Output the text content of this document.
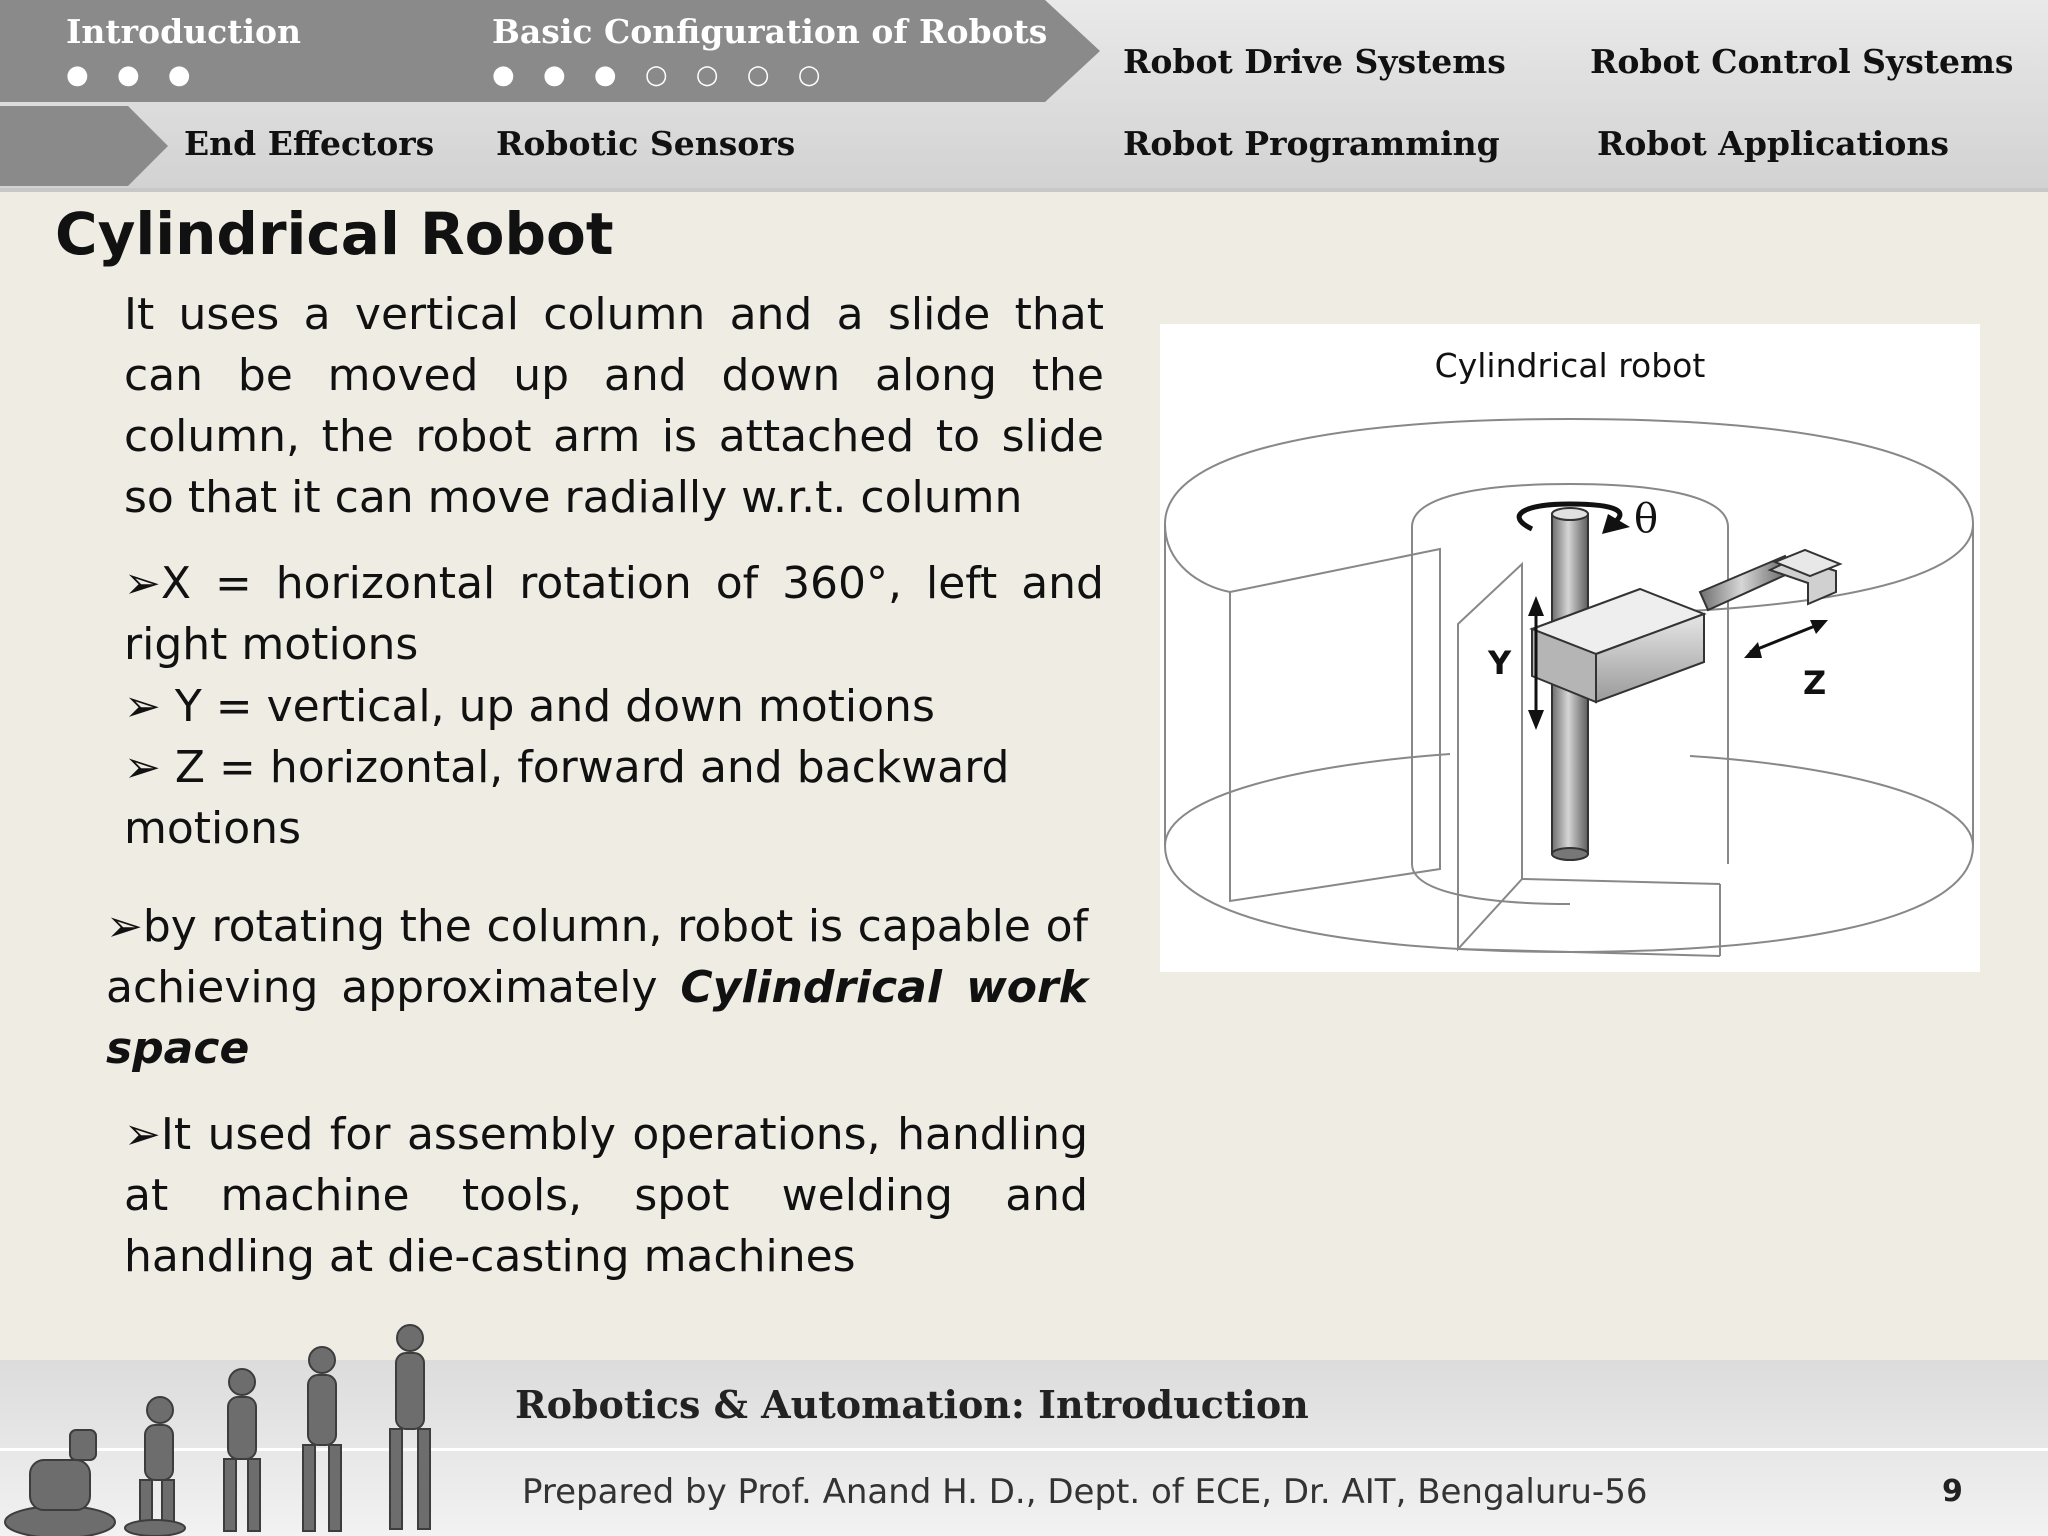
Introduction
● ● ●
Basic Configuration of Robots
● ● ● ○ ○ ○ ○	Robot Drive Systems	Robot Control Systems
End Effectors Robotic Sensors	Robot Programming	Robot Applications
Cylindrical Robot
It uses a vertical column and a slide that can be moved up and down along the column, the robot arm is attached to slide so that it can move radially w.r.t. column
➢X = horizontal rotation of 360°, left and right motions
➢ Y = vertical, up and down motions
➢ Z = horizontal, forward and backward motions
➢by rotating the column, robot is capable of achieving approximately Cylindrical work space
➢It used for assembly operations, handling at machine tools, spot welding and handling at die-casting machines
Cylindrical robot
θ
Y
Z
Robotics & Automation: Introduction
Prepared by Prof. Anand H. D., Dept. of ECE, Dr. AIT, Bengaluru-56	9
